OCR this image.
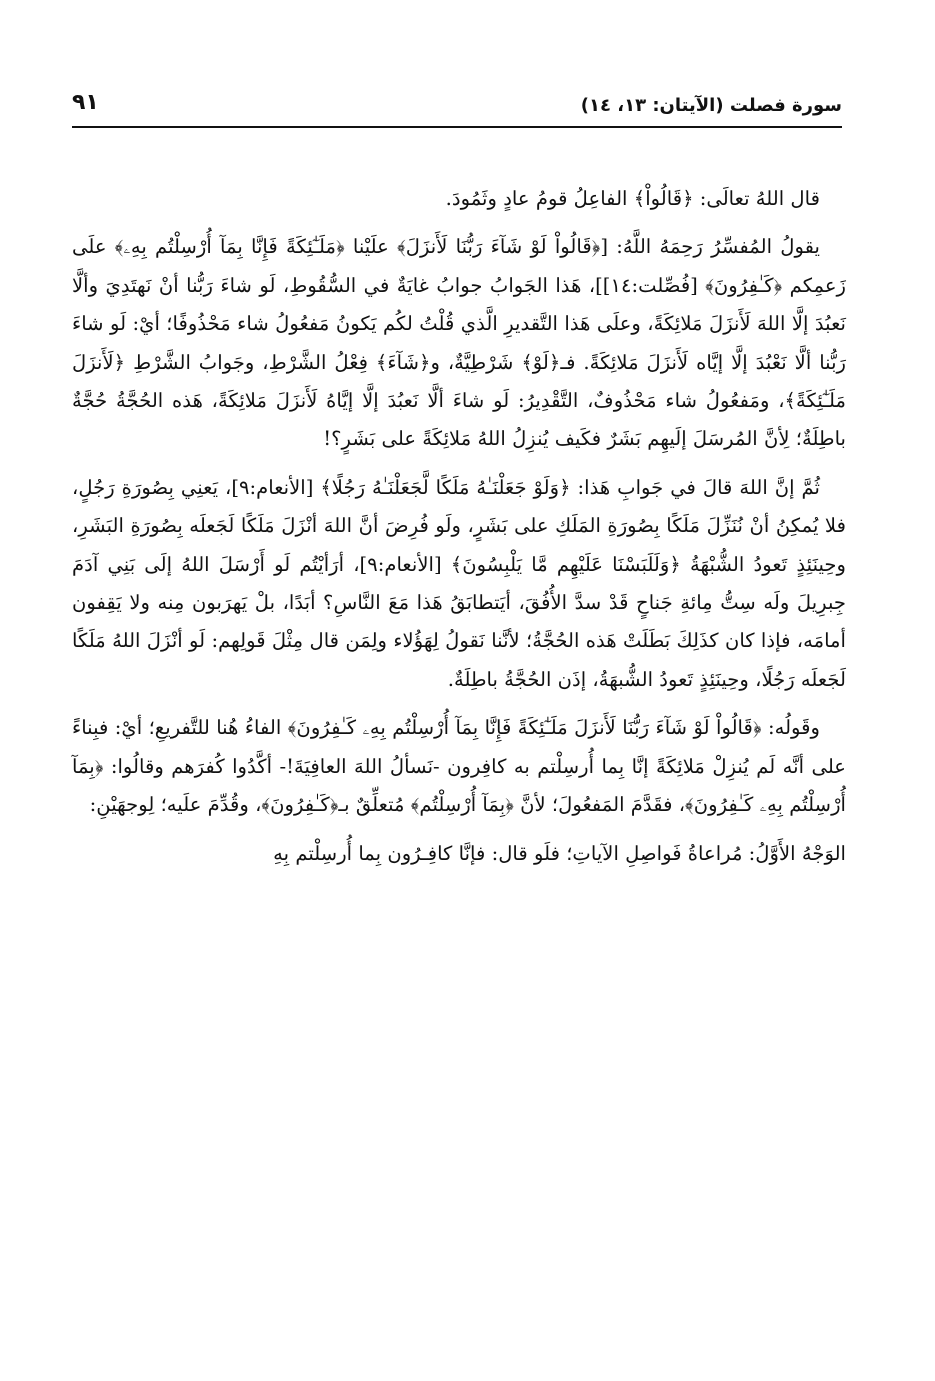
سورة فصلت (الآيتان: ١٣، ١٤)
٩١

قال اللهُ تعالَى: ﴿قَالُواْ﴾ الفاعِلُ قومُ عادٍ وثَمُودَ.

يقولُ المُفسِّرُ رَحِمَهُ اللَّهُ: [﴿قَالُواْ لَوْ شَآءَ رَبُّنَا لَأَنزَلَ﴾ علَيْنا ﴿مَلَـٰٓئِكَةً فَإِنَّا بِمَآ أُرْسِلْتُم بِهِۦ﴾ علَى زَعمِكم ﴿كَـٰفِرُونَ﴾ [فُصِّلت:١٤]]، هَذا الجَوابُ جوابُ غايَةٌ في السُّقُوطِ، لَو شاءَ رَبُّنا أنْ نَهتَدِيَ وألَّا نَعبُدَ إلَّا اللهَ لَأَنزَلَ مَلائِكَةً، وعلَى هَذا التَّقديرِ الَّذي قُلْتُ لكُم يَكونُ مَفعُولُ شاء مَحْذُوفًا؛ أيْ: لَو شاءَ رَبُّنا ألَّا نَعْبُدَ إلَّا إيَّاه لَأَنزَلَ مَلائِكَةً. فـ﴿لَوْ﴾ شَرْطِيَّةٌ، و﴿شَآءَ﴾ فِعْلُ الشَّرْطِ، وجَوابُ الشَّرْطِ ﴿لَأَنزَلَ مَلَـٰٓئِكَةً﴾، ومَفعُولُ شاء مَحْذُوفٌ، التَّقْدِيرُ: لَو شاءَ ألَّا نَعبُدَ إلَّا إيَّاهُ لَأَنزَلَ مَلائِكَةً، هَذه الحُجَّةُ حُجَّةٌ باطِلَةٌ؛ لِأنَّ المُرسَلَ إلَيهِم بَشَرٌ فكَيف يُنزِلُ اللهُ مَلائِكَةً على بَشَرٍ؟!

ثُمَّ إنَّ اللهَ قالَ في جَوابِ هَذا: ﴿وَلَوْ جَعَلْنَـٰهُ مَلَكًا لَّجَعَلْنَـٰهُ رَجُلًا﴾ [الأنعام:٩]، يَعنِي بِصُورَةِ رَجُلٍ، فلا يُمكِنُ أنْ نُنَزِّلَ مَلَكًا بِصُورَةِ المَلَكِ على بَشَرٍ، ولَو فُرِضَ أنَّ اللهَ أنْزَلَ مَلَكًا لَجَعلَه بِصُورَةِ البَشَرِ، وحِينَئِذٍ تَعودُ الشُّبْهَةُ ﴿وَلَلَبَسْنَا عَلَيْهِم مَّا يَلْبِسُونَ﴾ [الأنعام:٩]، أرَأيْتُم لَو أَرْسَلَ اللهُ إلَى بَنِي آدَمَ جِبرِيلَ ولَه سِتُّ مِائةِ جَناحٍ قَدْ سدَّ الأُفُقَ، أيَتطابَقُ هَذا مَعَ النَّاسِ؟ أبَدًا، بلْ يَهرَبون مِنه ولا يَقِفون أمامَه، فإذا كان كذَلِكَ بَطَلَتْ هَذه الحُجَّةُ؛ لأنَّنا نَقولُ لِهَؤُلاء ولِمَن قال مِثْلَ قَولِهم: لَو أنْزَلَ اللهُ مَلَكًا لَجَعلَه رَجُلًا، وحِينَئِذٍ تَعودُ الشُّبهَةُ، إذَن الحُجَّةُ باطِلَةٌ.

وقَولُه: ﴿قَالُواْ لَوْ شَآءَ رَبُّنَا لَأَنزَلَ مَلَـٰٓئِكَةً فَإِنَّا بِمَآ أُرْسِلْتُم بِهِۦ كَـٰفِرُونَ﴾ الفاءُ هُنا للتَّفريعِ؛ أيْ: فبِناءً على أنَّه لَم يُنزِلْ مَلائِكَةً إنَّا بِما أُرسِلْتم به كافِرون -نَسألُ اللهَ العافِيَةَ!- أكَّدُوا كُفرَهم وقالُوا: ﴿بِمَآ أُرْسِلْتُم بِهِۦ كَـٰفِرُونَ﴾، فقَدَّمَ المَفعُولَ؛ لأنَّ ﴿بِمَآ أُرْسِلْتُم﴾ مُتعلِّقٌ بـ﴿كَـٰفِرُونَ﴾، وقُدِّمَ علَيه؛ لِوجهَيْنِ:

الوَجْهُ الأَوَّلُ: مُراعاةُ فَواصِلِ الآياتِ؛ فلَو قال: فإنَّا كافِـرُون بِما أُرسِلْتم بِهِ
